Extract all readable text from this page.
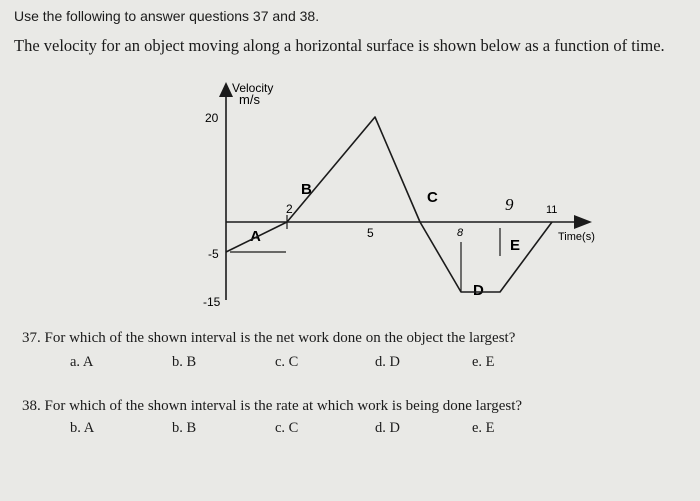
Use the following to answer questions 37 and 38.
The velocity for an object moving along a horizontal surface is shown below as a function of time.
Velocity
m/s
Time(s)
20
-5
-15
2
5	8
9	11
A
B	C
D
E
37. For which of the shown interval is the net work done on the object the largest?
a. A	b. B	c. C	d. D	e. E
38. For which of the shown interval is the rate at which work is being done largest?
b. A	b. B	c. C	d. D	e. E
